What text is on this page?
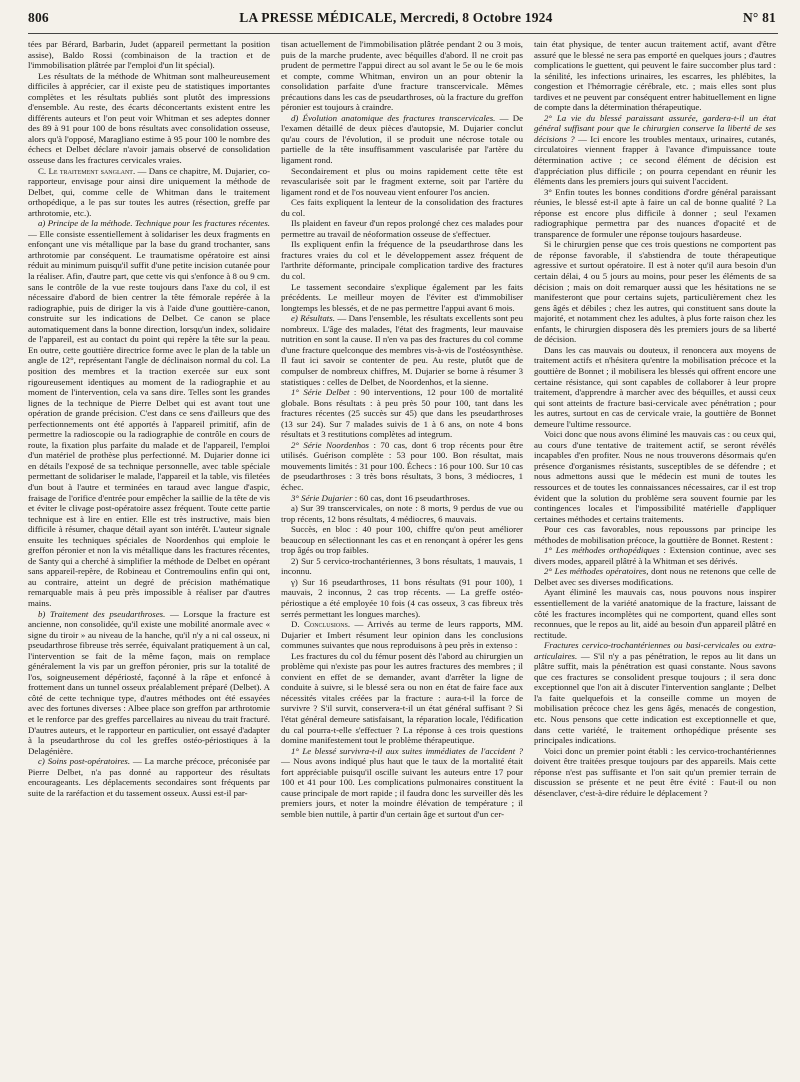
806	LA PRESSE MÉDICALE, Mercredi, 8 Octobre 1924	N° 81

tées par Bérard, Barbarin, Judet (appareil permettant la position assise), Baldo Rossi (combinaison de la traction et de l'immobilisation plâtrée par l'emploi d'un lit spécial).

Les résultats de la méthode de Whitman sont malheureusement difficiles à apprécier, car il existe peu de statistiques importantes complètes et les résultats publiés sont plutôt des impressions d'ensemble. Au reste, des écarts déconcertants existent entre les différents auteurs et l'on peut voir Whitman et ses adeptes donner des 89 à 91 pour 100 de bons résultats avec consolidation osseuse, alors qu'à l'opposé, Maragliano estime à 95 pour 100 le nombre des échecs et Delbet déclare n'avoir jamais observé de consolidation osseuse dans les fractures cervicales vraies.

C. Le traitement sanglant. — Dans ce chapitre, M. Dujarier, co-rapporteur, envisage pour ainsi dire uniquement la méthode de Delbet, qui, comme celle de Whitman dans le traitement orthopédique, a le pas sur toutes les autres (résection, greffe par arthrotomie, etc.).

a) Principe de la méthode. Technique pour les fractures récentes. — Elle consiste essentiellement à solidariser les deux fragments en enfonçant une vis métallique par la base du grand trochanter, sans arthrotomie par conséquent. Le traumatisme opératoire est ainsi réduit au minimum puisqu'il suffit d'une petite incision cutanée pour la réaliser. Afin, d'autre part, que cette vis qui s'enfonce à 8 ou 9 cm. sans le contrôle de la vue reste toujours dans l'axe du col, il est nécessaire d'abord de bien centrer la tête fémorale repérée à la radiographie, puis de diriger la vis à l'aide d'une gouttière-canon, construite sur les indications de Delbet. Ce canon se place automatiquement dans la bonne direction, lorsqu'un index, solidaire de l'appareil, est au contact du point qui repère la tête sur la peau. En outre, cette gouttière directrice forme avec le plan de la table un angle de 12°, représentant l'angle de déclinaison normal du col. La position des membres et la traction exercée sur eux sont rigoureusement identiques au moment de la radiographie et au moment de l'intervention, cela va sans dire. Telles sont les grandes lignes de la technique de Pierre Delbet qui est avant tout une opération de grande précision. C'est dans ce sens d'ailleurs que des perfectionnements ont été apportés à l'appareil primitif, afin de permettre la radioscopie ou la radiographie de contrôle en cours de route, la fixation plus parfaite du malade et de l'appareil, l'emploi d'un matériel de prothèse plus perfectionné. M. Dujarier donne ici en détails l'exposé de sa technique personnelle, avec table spéciale permettant de solidariser le malade, l'appareil et la table, vis filetées d'un bout à l'autre et terminées en taraud avec langue d'aspic, fraisage de l'orifice d'entrée pour empêcher la saillie de la tête de vis et éviter le clivage post-opératoire assez fréquent. Toute cette partie technique est à lire en entier. Elle est très instructive, mais bien difficile à résumer, chaque détail ayant son intérêt. L'auteur signale ensuite les techniques spéciales de Noordenhos qui emploie le greffon péronier et non la vis métallique dans les fractures récentes, de Santy qui a cherché à simplifier la méthode de Delbet en opérant sans appareil-repère, de Robineau et Contremoulins enfin qui ont, au contraire, atteint un degré de précision mathématique remarquable mais à peu près impossible à réaliser par d'autres mains.

b) Traitement des pseudarthroses. — Lorsque la fracture est ancienne, non consolidée, qu'il existe une mobilité anormale avec « signe du tiroir » au niveau de la hanche, qu'il n'y a ni cal osseux, ni pseudarthrose fibreuse très serrée, équivalant pratiquement à un cal, l'intervention se fait de la même façon, mais on remplace généralement la vis par un greffon péronier, pris sur la totalité de l'os, soigneusement dépériosté, façonné à la râpe et enfoncé à frottement dans un tunnel osseux préalablement préparé (Delbet). A côté de cette technique type, d'autres méthodes ont été essayées avec des fortunes diverses : Albee place son greffon par arthrotomie et le renforce par des greffes parcellaires au niveau du trait fracturé. D'autres auteurs, et le rapporteur en particulier, ont essayé d'adapter à la pseudarthrose du col les greffes ostéo-périostiques à la Delagénière.

c) Soins post-opératoires. — La marche précoce, préconisée par Pierre Delbet, n'a pas donné au rapporteur des résultats encourageants. Les déplacements secondaires sont fréquents par suite de la raréfaction et du tassement osseux. Aussi est-il par-

tisan actuellement de l'immobilisation plâtrée pendant 2 ou 3 mois, puis de la marche prudente, avec béquilles d'abord. Il ne croit pas prudent de permettre l'appui direct au sol avant le 5e ou le 6e mois et compte, comme Whitman, environ un an pour obtenir la consolidation parfaite d'une fracture transcervicale. Mêmes précautions dans les cas de pseudarthroses, où la fracture du greffon péronier est toujours à craindre.

d) Évolution anatomique des fractures transcervicales. — De l'examen détaillé de deux pièces d'autopsie, M. Dujarier conclut qu'au cours de l'évolution, il se produit une nécrose totale ou partielle de la tête insuffisamment vascularisée par l'artère du ligament rond.

Secondairement et plus ou moins rapidement cette tête est revascularisée soit par le fragment externe, soit par l'artère du ligament rond et de l'os nouveau vient enfourer l'os ancien.

Ces faits expliquent la lenteur de la consolidation des fractures du col.

Ils plaident en faveur d'un repos prolongé chez ces malades pour permettre au travail de néoformation osseuse de s'effectuer.

Ils expliquent enfin la fréquence de la pseudarthrose dans les fractures vraies du col et le développement assez fréquent de l'arthrite déformante, principale complication tardive des fractures du col.

Le tassement secondaire s'explique également par les faits précédents. Le meilleur moyen de l'éviter est d'immobiliser longtemps les blessés, et de ne pas permettre l'appui avant 6 mois.

e) Résultats. — Dans l'ensemble, les résultats excellents sont peu nombreux. L'âge des malades, l'état des fragments, leur mauvaise nutrition en sont la cause. Il n'en va pas des fractures du col comme d'une fracture quelconque des membres vis-à-vis de l'ostéosynthèse. Il faut ici savoir se contenter de peu. Au reste, plutôt que de compulser de nombreux chiffres, M. Dujarier se borne à résumer 3 statistiques : celles de Delbet, de Noordenhos, et la sienne.

1° Série Delbet : 90 interventions, 12 pour 100 de mortalité globale. Bons résultats : à peu près 50 pour 100, tant dans les fractures récentes (25 succès sur 45) que dans les pseudarthroses (13 sur 24). Sur 7 malades suivis de 1 à 6 ans, on note 4 bons résultats et 3 restitutions complètes ad integrum.

2° Série Noordenhos : 70 cas, dont 6 trop récents pour être utilisés. Guérison complète : 53 pour 100. Bon résultat, mais mouvements limités : 31 pour 100. Échecs : 16 pour 100. Sur 10 cas de pseudarthroses : 3 très bons résultats, 3 bons, 3 médiocres, 1 échec.

3° Série Dujarier : 60 cas, dont 16 pseudarthroses.

a) Sur 39 transcervicales, on note : 8 morts, 9 perdus de vue ou trop récents, 12 bons résultats, 4 médiocres, 6 mauvais.

Succès, en bloc : 40 pour 100, chiffre qu'on peut améliorer beaucoup en sélectionnant les cas et en renonçant à opérer les gens trop âgés ou trop faibles.

2) Sur 5 cervico-trochantériennes, 3 bons résultats, 1 mauvais, 1 inconnu.

γ) Sur 16 pseudarthroses, 11 bons résultats (91 pour 100), 1 mauvais, 2 inconnus, 2 cas trop récents. — La greffe ostéo-périostique a été employée 10 fois (4 cas osseux, 3 cas fibreux très serrés permettant les longues marches).

D. Conclusions. — Arrivés au terme de leurs rapports, MM. Dujarier et Imbert résument leur opinion dans les conclusions communes suivantes que nous reproduisons à peu près in extenso :

Les fractures du col du fémur posent dès l'abord au chirurgien un problème qui n'existe pas pour les autres fractures des membres ; il convient en effet de se demander, avant d'arrêter la ligne de conduite à suivre, si le blessé sera ou non en état de faire face aux nécessités vitales créées par la fracture : aura-t-il la force de survivre ? S'il survit, conservera-t-il un état général suffisant ? Si l'état général demeure satisfaisant, la réparation locale, l'édification du cal pourra-t-elle s'effectuer ? La réponse à ces trois questions domine manifestement tout le problème thérapeutique.

1° Le blessé survivra-t-il aux suites immédiates de l'accident ? — Nous avons indiqué plus haut que le taux de la mortalité était fort appréciable puisqu'il oscille suivant les auteurs entre 17 pour 100 et 41 pour 100. Les complications pulmonaires constituent la cause principale de mort rapide ; il faudra donc les surveiller dès les premiers jours, et noter la moindre élévation de température ; il semble bien nuttile, à partir d'un certain âge et surtout d'un cer-

tain état physique, de tenter aucun traitement actif, avant d'être assuré que le blessé ne sera pas emporté en quelques jours ; d'autres complications le guettent, qui peuvent le faire succomber plus tard : la sénilité, les infections urinaires, les escarres, les phlébites, la congestion et l'hémorragie cérébrale, etc. ; mais elles sont plus tardives et ne peuvent par conséquent entrer habituellement en ligne de compte dans la détermination thérapeutique.

2° La vie du blessé paraissant assurée, gardera-t-il un état général suffisant pour que le chirurgien conserve la liberté de ses décisions ? — Ici encore les troubles mentaux, urinaires, cutanés, circulatoires viennent frapper à l'avance d'impuissance toute détermination active ; ce second élément de décision est d'appréciation plus difficile ; on pourra cependant en réunir les éléments dans les premiers jours qui suivent l'accident.

3° Enfin toutes les bonnes conditions d'ordre général paraissant réunies, le blessé est-il apte à faire un cal de bonne qualité ? La réponse est encore plus difficile à donner ; seul l'examen radiographique permettra par des nuances d'opacité et de transparence de formuler une réponse toujours hasardeuse.

Si le chirurgien pense que ces trois questions ne comportent pas de réponse favorable, il s'abstiendra de toute thérapeutique agressive et surtout opératoire. Il est à noter qu'il aura besoin d'un certain délai, 4 ou 5 jours au moins, pour peser les éléments de sa décision ; mais on doit remarquer aussi que les hésitations ne se manifesteront que pour certains sujets, particulièrement chez les gens âgés et débiles ; chez les autres, qui constituent sans doute la majorité, et notamment chez les adultes, à plus forte raison chez les enfants, le chirurgien disposera dès les premiers jours de sa liberté de décision.

Dans les cas mauvais ou douteux, il renoncera aux moyens de traitement actifs et n'hésitera qu'entre la mobilisation précoce et la gouttière de Bonnet ; il mobilisera les blessés qui offrent encore une certaine résistance, qui sont capables de collaborer à leur propre traitement, d'apprendre à marcher avec des béquilles, et aussi ceux qui sont atteints de fracture basi-cervicale avec pénétration ; pour les autres, surtout en cas de cervicale vraie, la gouttière de Bonnet demeure l'ultime ressource.

Voici donc que nous avons éliminé les mauvais cas : ou ceux qui, au cours d'une tentative de traitement actif, se seront révélés incapables d'en profiter. Nous ne nous trouverons désormais qu'en présence d'organismes résistants, susceptibles de se défendre ; et nous admettons aussi que le médecin est muni de toutes les ressources et de toutes les connaissances nécessaires, car il est trop évident que la solution du problème sera souvent fournie par les contingences locales et l'impossibilité matérielle d'appliquer certaines méthodes et certains traitements.

Pour ces cas favorables, nous repoussons par principe les méthodes de mobilisation précoce, la gouttière de Bonnet. Restent :

1° Les méthodes orthopédiques : Extension continue, avec ses divers modes, appareil plâtré à la Whitman et ses dérivés.

2° Les méthodes opératoires, dont nous ne retenons que celle de Delbet avec ses diverses modifications.

Ayant éliminé les mauvais cas, nous pouvons nous inspirer essentiellement de la variété anatomique de la fracture, laissant de côté les fractures incomplètes qui ne comportent, quand elles sont reconnues, que le repos au lit, aidé au besoin d'un appareil plâtré en rectitude.

Fractures cervico-trochantériennes ou basi-cervicales ou extra-articulaires. — S'il n'y a pas pénétration, le repos au lit dans un plâtre suffit, mais la pénétration est quasi constante. Nous savons que ces fractures se consolident presque toujours ; il sera donc exceptionnel que l'on ait à discuter l'intervention sanglante ; Delbet l'a faite quelquefois et la conseille comme un moyen de mobilisation précoce chez les gens âgés, menacés de congestion, etc. Nous pensons que cette indication est exceptionnelle et que, dans cette variété, le traitement orthopédique présente ses principales indications.

Voici donc un premier point établi : les cervico-trochantériennes doivent être traitées presque toujours par des appareils. Mais cette réponse n'est pas suffisante et l'on sait qu'un premier terrain de discussion se présente et ne peut être évité : Faut-il ou non désenclaver, c'est-à-dire réduire le déplacement ?
